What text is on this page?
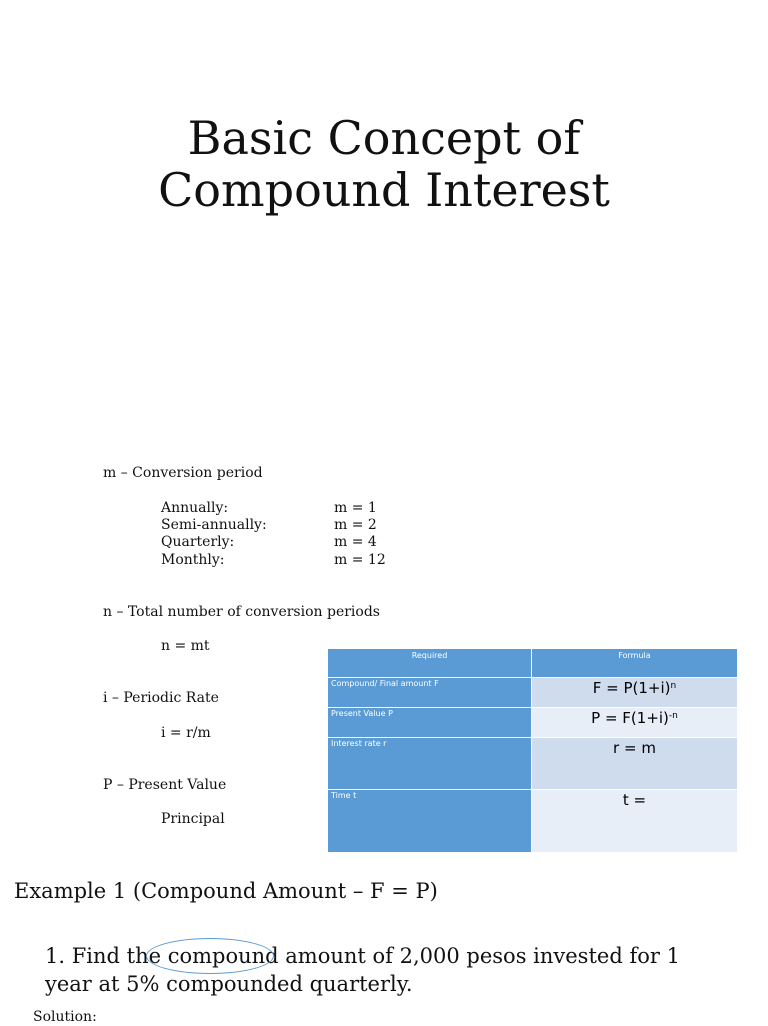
Basic Concept of
Compound Interest
m – Conversion period
Annually:	m = 1
Semi-annually:	m = 2
Quarterly:	m = 4
Monthly:	m = 12
n – Total number of conversion periods
n = mt
i – Periodic Rate
i = r/m
P – Present Value
Principal
Required	Formula
Compound/ Final amount F	$F = P(1+i)^n$
Present Value P	$P = F(1+i)^{-n}$
Interest rate r	r = m
Time t	t =
Example 1 (Compound Amount – F = P)
1. Find the compound amount of 2,000 pesos invested for 1
year at 5% compounded quarterly.
Solution:
